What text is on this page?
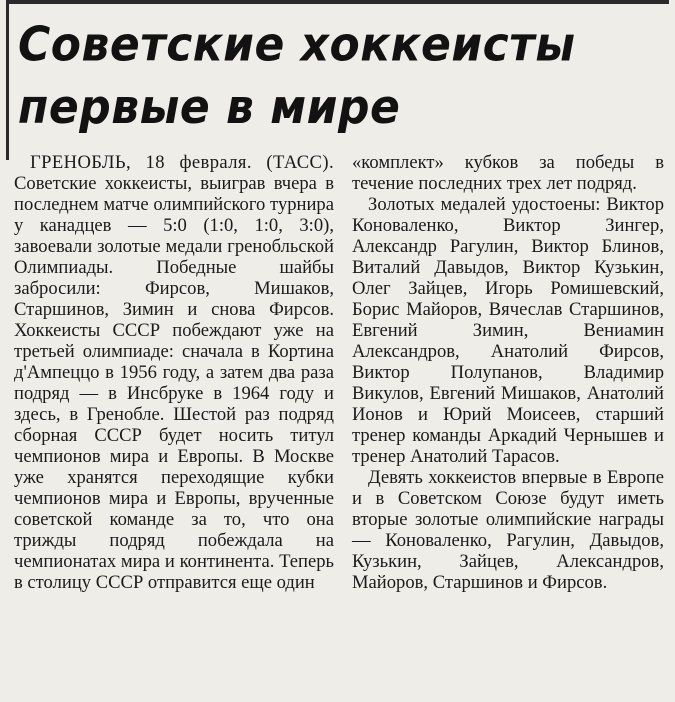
Советские хоккеисты
первые в мире

ГРЕНОБЛЬ, 18 февраля. (ТАСС). Советские хоккеисты, выиграв вчера в последнем матче олимпийского турнира у канадцев — 5:0 (1:0, 1:0, 3:0), завоевали золотые медали гренобльской Олимпиады. Победные шайбы забросили: Фирсов, Мишаков, Старшинов, Зимин и снова Фирсов. Хоккеисты СССР побеждают уже на третьей олимпиаде: сначала в Кортина д'Ампеццо в 1956 году, а затем два раза подряд — в Инсбруке в 1964 году и здесь, в Гренобле. Шестой раз подряд сборная СССР будет носить титул чемпионов мира и Европы. В Москве уже хранятся переходящие кубки чемпионов мира и Европы, врученные советской команде за то, что она трижды подряд побеждала на чемпионатах мира и континента. Теперь в столицу СССР отправится еще один

«комплект» кубков за победы в течение последних трех лет подряд.

Золотых медалей удостоены: Виктор Коноваленко, Виктор Зингер, Александр Рагулин, Виктор Блинов, Виталий Давыдов, Виктор Кузькин, Олег Зайцев, Игорь Ромишевский, Борис Майоров, Вячеслав Старшинов, Евгений Зимин, Вениамин Александров, Анатолий Фирсов, Виктор Полупанов, Владимир Викулов, Евгений Мишаков, Анатолий Ионов и Юрий Моисеев, старший тренер команды Аркадий Чернышев и тренер Анатолий Тарасов.

Девять хоккеистов впервые в Европе и в Советском Союзе будут иметь вторые золотые олимпийские награды — Коноваленко, Рагулин, Давыдов, Кузькин, Зайцев, Александров, Майоров, Старшинов и Фирсов.
